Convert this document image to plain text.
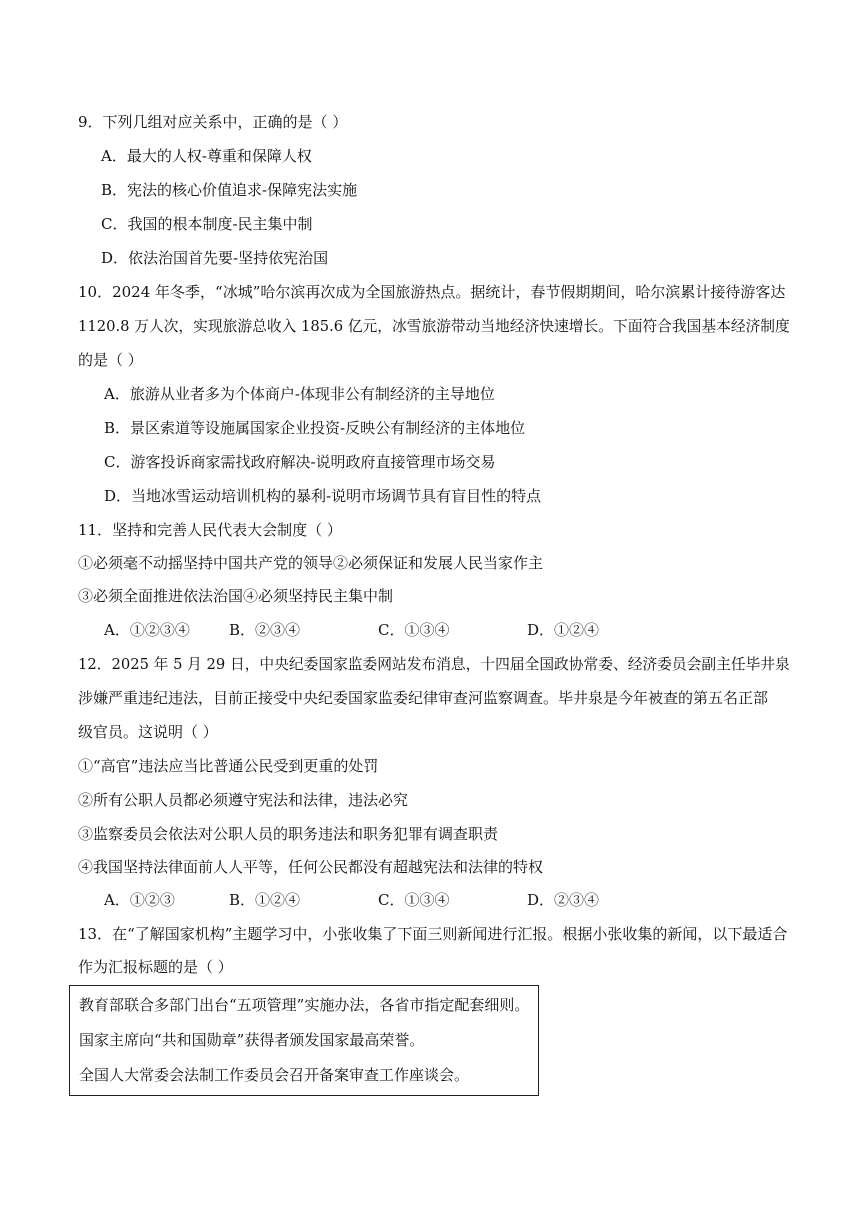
9．下列几组对应关系中，正确的是（ ）
A．最大的人权-尊重和保障人权
B．宪法的核心价值追求-保障宪法实施
C．我国的根本制度-民主集中制
D．依法治国首先要-坚持依宪治国
10．2024 年冬季，“冰城”哈尔滨再次成为全国旅游热点。据统计，春节假期期间，哈尔滨累计接待游客达
1120.8 万人次，实现旅游总收入 185.6 亿元，冰雪旅游带动当地经济快速增长。下面符合我国基本经济制度
的是（ ）
A．旅游从业者多为个体商户-体现非公有制经济的主导地位
B．景区索道等设施属国家企业投资-反映公有制经济的主体地位
C．游客投诉商家需找政府解决-说明政府直接管理市场交易
D．当地冰雪运动培训机构的暴利-说明市场调节具有盲目性的特点
11．坚持和完善人民代表大会制度（ ）
①必须毫不动摇坚持中国共产党的领导②必须保证和发展人民当家作主
③必须全面推进依法治国④必须坚持民主集中制
A．①②③④	B．②③④	C．①③④	D．①②④
12．2025 年 5 月 29 日，中央纪委国家监委网站发布消息，十四届全国政协常委、经济委员会副主任毕井泉
涉嫌严重违纪违法，目前正接受中央纪委国家监委纪律审查河监察调查。毕井泉是今年被查的第五名正部
级官员。这说明（ ）
①“高官”违法应当比普通公民受到更重的处罚
②所有公职人员都必须遵守宪法和法律，违法必究
③监察委员会依法对公职人员的职务违法和职务犯罪有调查职责
④我国坚持法律面前人人平等，任何公民都没有超越宪法和法律的特权
A．①②③	B．①②④	C．①③④	D．②③④
13．在“了解国家机构”主题学习中，小张收集了下面三则新闻进行汇报。根据小张收集的新闻，以下最适合
作为汇报标题的是（ ）
教育部联合多部门出台“五项管理”实施办法，各省市指定配套细则。
国家主席向“共和国勋章”获得者颁发国家最高荣誉。
全国人大常委会法制工作委员会召开备案审查工作座谈会。
